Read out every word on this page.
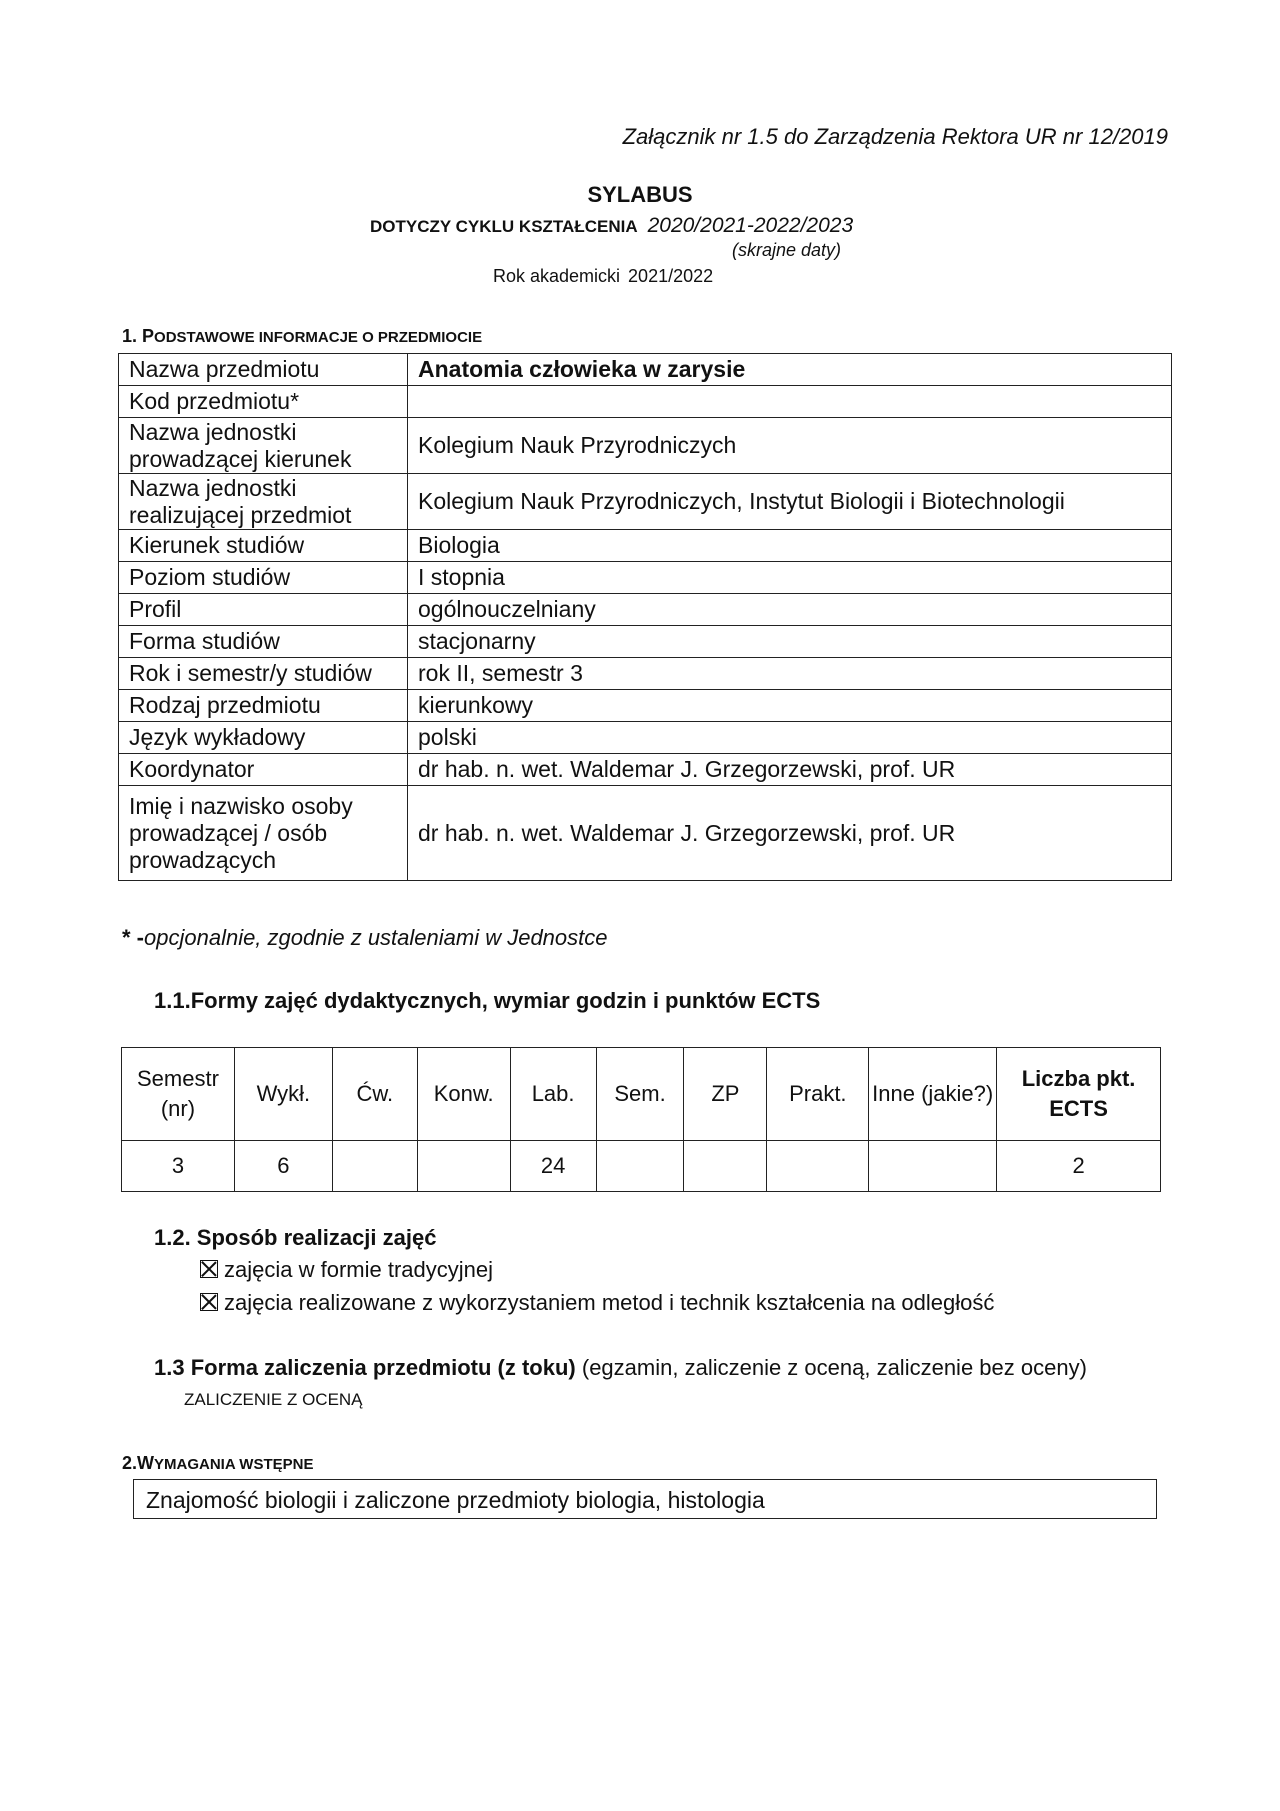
Załącznik nr 1.5 do Zarządzenia Rektora UR nr 12/2019
SYLABUS
DOTYCZY CYKLU KSZTAŁCENIA 2020/2021-2022/2023
(skrajne daty)
Rok akademicki 2021/2022
1. PODSTAWOWE INFORMACJE O PRZEDMIOCIE
Nazwa przedmiotu	Anatomia człowieka w zarysie
Kod przedmiotu*	
Nazwa jednostki prowadzącej kierunek	Kolegium Nauk Przyrodniczych
Nazwa jednostki realizującej przedmiot	Kolegium Nauk Przyrodniczych, Instytut Biologii i Biotechnologii
Kierunek studiów	Biologia
Poziom studiów	I stopnia
Profil	ogólnouczelniany
Forma studiów	stacjonarny
Rok i semestr/y studiów	rok II, semestr 3
Rodzaj przedmiotu	kierunkowy
Język wykładowy	polski
Koordynator	dr hab. n. wet. Waldemar J. Grzegorzewski, prof. UR
Imię i nazwisko osoby prowadzącej / osób prowadzących	dr hab. n. wet. Waldemar J. Grzegorzewski, prof. UR
* -opcjonalnie, zgodnie z ustaleniami w Jednostce
1.1.Formy zajęć dydaktycznych, wymiar godzin i punktów ECTS
Semestr (nr)	Wykł.	Ćw.	Konw.	Lab.	Sem.	ZP	Prakt.	Inne (jakie?)	Liczba pkt. ECTS
3	6			24					2
1.2. Sposób realizacji zajęć
zajęcia w formie tradycyjnej
zajęcia realizowane z wykorzystaniem metod i technik kształcenia na odległość
1.3 Forma zaliczenia przedmiotu (z toku) (egzamin, zaliczenie z oceną, zaliczenie bez oceny)
ZALICZENIE Z OCENĄ
2.WYMAGANIA WSTĘPNE
Znajomość biologii i zaliczone przedmioty biologia, histologia
